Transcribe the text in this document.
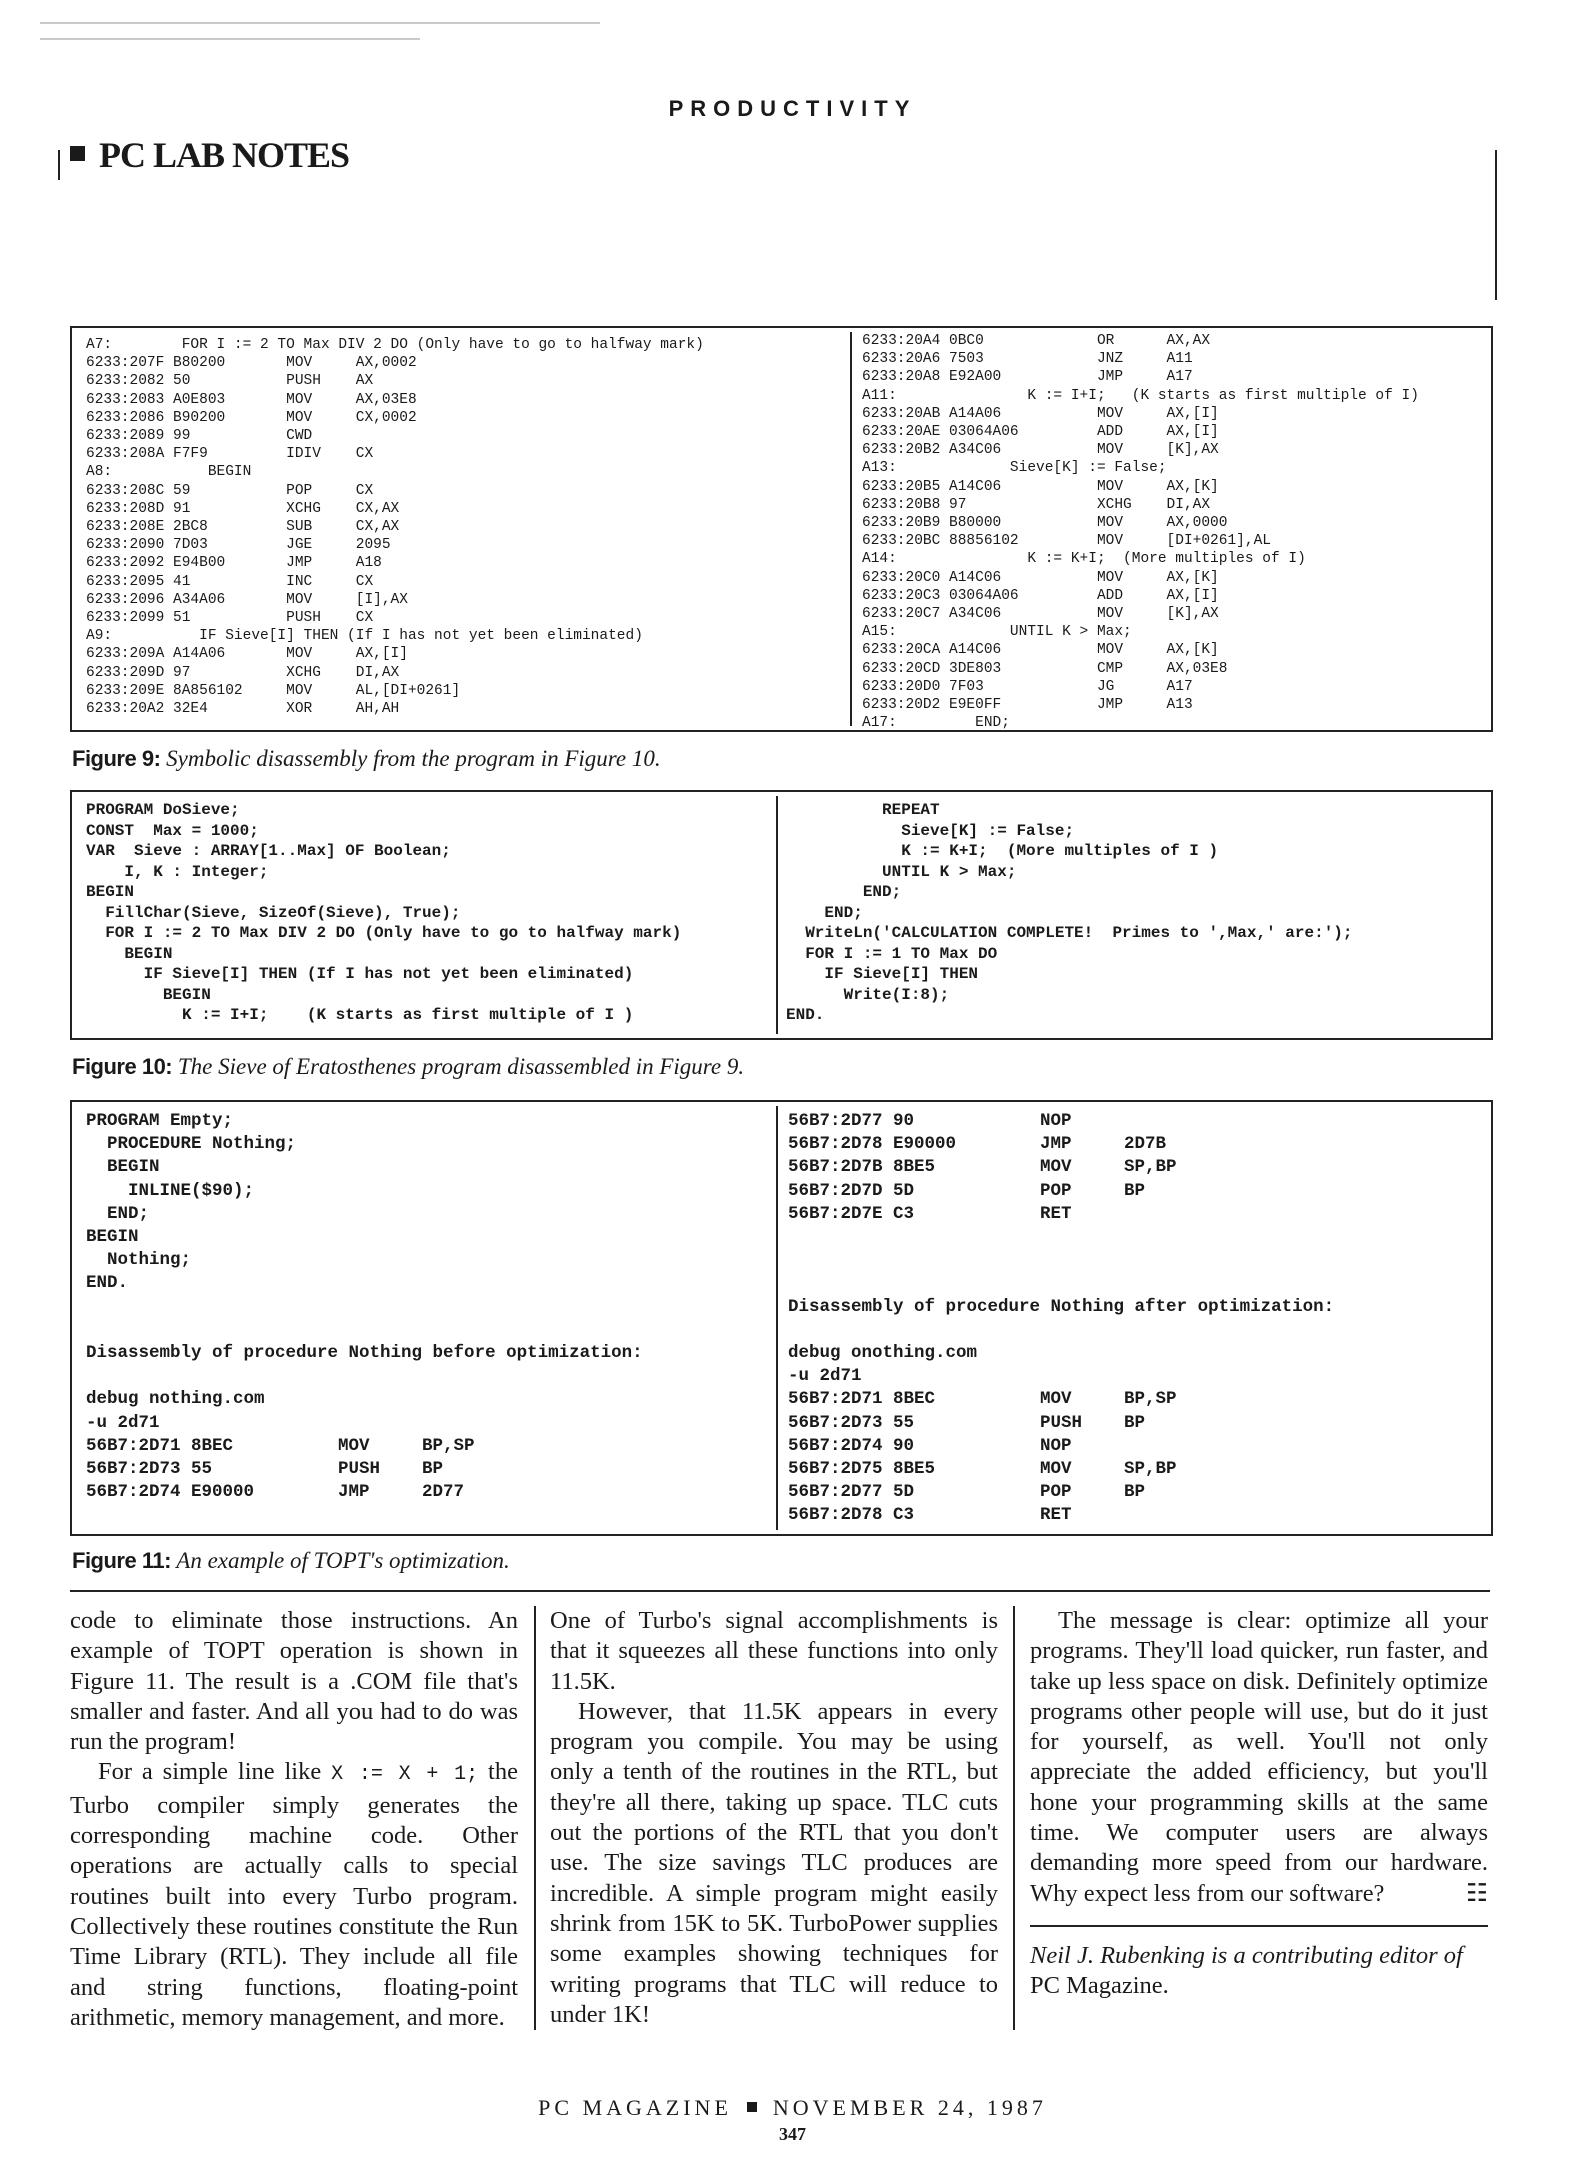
PRODUCTIVITY
PC LAB NOTES
A7:        FOR I := 2 TO Max DIV 2 DO (Only have to go to halfway mark)
6233:207F B80200       MOV     AX,0002
6233:2082 50           PUSH    AX
6233:2083 A0E803       MOV     AX,03E8
6233:2086 B90200       MOV     CX,0002
6233:2089 99           CWD
6233:208A F7F9         IDIV    CX
A8:           BEGIN
6233:208C 59           POP     CX
6233:208D 91           XCHG    CX,AX
6233:208E 2BC8         SUB     CX,AX
6233:2090 7D03         JGE     2095
6233:2092 E94B00       JMP     A18
6233:2095 41           INC     CX
6233:2096 A34A06       MOV     [I],AX
6233:2099 51           PUSH    CX
A9:          IF Sieve[I] THEN (If I has not yet been eliminated)
6233:209A A14A06       MOV     AX,[I]
6233:209D 97           XCHG    DI,AX
6233:209E 8A856102     MOV     AL,[DI+0261]
6233:20A2 32E4         XOR     AH,AH
6233:20A4 0BC0             OR      AX,AX
6233:20A6 7503             JNZ     A11
6233:20A8 E92A00           JMP     A17
A11:               K := I+I;   (K starts as first multiple of I)
6233:20AB A14A06           MOV     AX,[I]
6233:20AE 03064A06         ADD     AX,[I]
6233:20B2 A34C06           MOV     [K],AX
A13:             Sieve[K] := False;
6233:20B5 A14C06           MOV     AX,[K]
6233:20B8 97               XCHG    DI,AX
6233:20B9 B80000           MOV     AX,0000
6233:20BC 88856102         MOV     [DI+0261],AL
A14:               K := K+I;  (More multiples of I)
6233:20C0 A14C06           MOV     AX,[K]
6233:20C3 03064A06         ADD     AX,[I]
6233:20C7 A34C06           MOV     [K],AX
A15:             UNTIL K > Max;
6233:20CA A14C06           MOV     AX,[K]
6233:20CD 3DE803           CMP     AX,03E8
6233:20D0 7F03             JG      A17
6233:20D2 E9E0FF           JMP     A13
A17:         END;
Figure 9: Symbolic disassembly from the program in Figure 10.
PROGRAM DoSieve;
CONST  Max = 1000;
VAR  Sieve : ARRAY[1..Max] OF Boolean;
I, K : Integer;
BEGIN
FillChar(Sieve, SizeOf(Sieve), True);
FOR I := 2 TO Max DIV 2 DO (Only have to go to halfway mark)
BEGIN
IF Sieve[I] THEN (If I has not yet been eliminated)
BEGIN
K := I+I;    (K starts as first multiple of I )
REPEAT
Sieve[K] := False;
K := K+I;  (More multiples of I )
UNTIL K > Max;
END;
END;
WriteLn('CALCULATION COMPLETE!  Primes to ',Max,' are:');
FOR I := 1 TO Max DO
IF Sieve[I] THEN
Write(I:8);
END.
Figure 10: The Sieve of Eratosthenes program disassembled in Figure 9.
PROGRAM Empty;
PROCEDURE Nothing;
BEGIN
INLINE($90);
END;
BEGIN
Nothing;
END.

Disassembly of procedure Nothing before optimization:

debug nothing.com
-u 2d71
56B7:2D71 8BEC          MOV     BP,SP
56B7:2D73 55            PUSH    BP
56B7:2D74 E90000        JMP     2D77
56B7:2D77 90            NOP
56B7:2D78 E90000        JMP     2D7B
56B7:2D7B 8BE5          MOV     SP,BP
56B7:2D7D 5D            POP     BP
56B7:2D7E C3            RET

Disassembly of procedure Nothing after optimization:

debug onothing.com
-u 2d71
56B7:2D71 8BEC          MOV     BP,SP
56B7:2D73 55            PUSH    BP
56B7:2D74 90            NOP
56B7:2D75 8BE5          MOV     SP,BP
56B7:2D77 5D            POP     BP
56B7:2D78 C3            RET
Figure 11: An example of TOPT's optimization.

code to eliminate those instructions. An example of TOPT operation is shown in Figure 11. The result is a .COM file that's smaller and faster. And all you had to do was run the program!

For a simple line like X := X + 1; the Turbo compiler simply generates the corresponding machine code. Other operations are actually calls to special routines built into every Turbo program. Collectively these routines constitute the Run Time Library (RTL). They include all file and string functions, floating-point arithmetic, memory management, and more.

One of Turbo's signal accomplishments is that it squeezes all these functions into only 11.5K.

However, that 11.5K appears in every program you compile. You may be using only a tenth of the routines in the RTL, but they're all there, taking up space. TLC cuts out the portions of the RTL that you don't use. The size savings TLC produces are incredible. A simple program might easily shrink from 15K to 5K. TurboPower supplies some examples showing techniques for writing programs that TLC will reduce to under 1K!

The message is clear: optimize all your programs. They'll load quicker, run faster, and take up less space on disk. Definitely optimize programs other people will use, but do it just for yourself, as well. You'll not only appreciate the added efficiency, but you'll hone your programming skills at the same time. We computer users are always demanding more speed from our hardware. Why expect less from our software?	☷

Neil J. Rubenking is a contributing editor of PC Magazine.

PC MAGAZINE NOVEMBER 24, 1987
347
